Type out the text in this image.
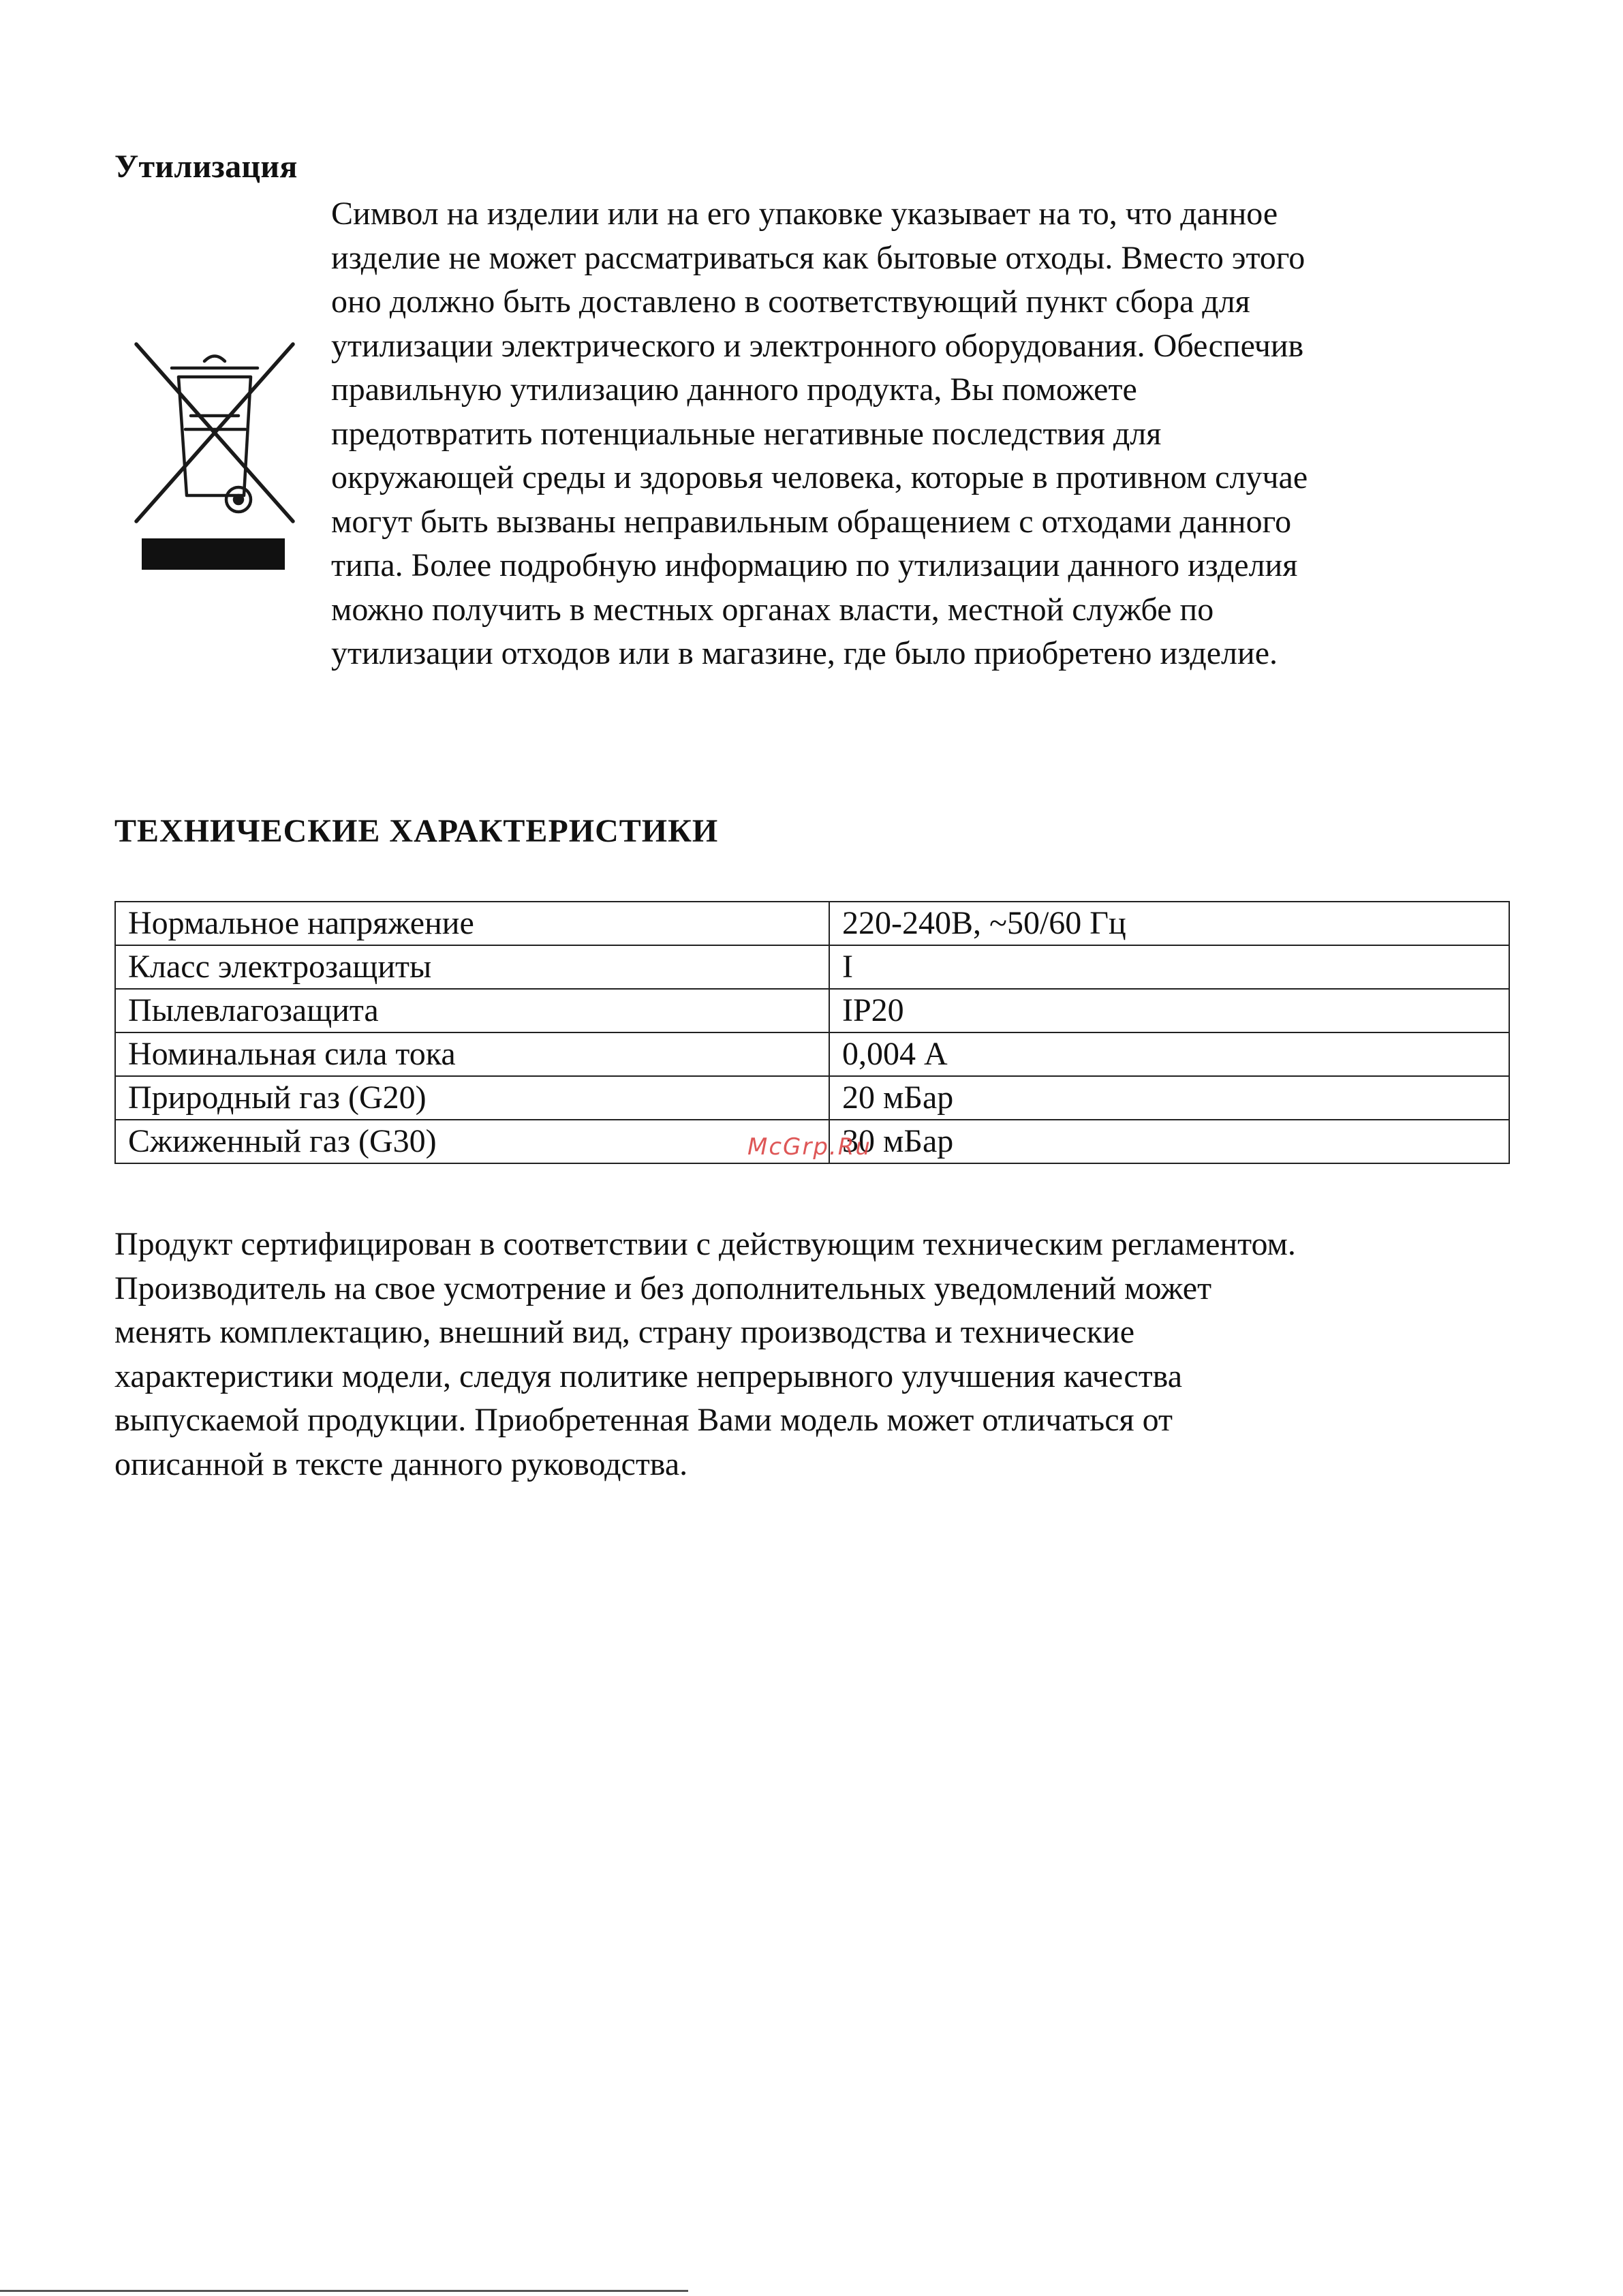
Утилизация

Символ на изделии или на его упаковке указывает на то, что данное
изделие не может рассматриваться как бытовые отходы. Вместо этого
оно должно быть доставлено в соответствующий пункт сбора для
утилизации электрического и электронного оборудования. Обеспечив
правильную утилизацию данного продукта, Вы поможете
предотвратить потенциальные негативные последствия для
окружающей среды и здоровья человека, которые в противном случае
могут быть вызваны неправильным обращением с отходами данного
типа. Более подробную информацию по утилизации данного изделия
можно получить в местных органах власти, местной службе по
утилизации отходов или в магазине, где было приобретено изделие.

ТЕХНИЧЕСКИЕ ХАРАКТЕРИСТИКИ
Нормальное напряжение	220-240В, ~50/60 Гц
Класс электрозащиты	I
Пылевлагозащита	IP20
Номинальная сила тока	0,004 А
Природный газ (G20)	20 мБар
Сжиженный газ (G30)	30 мБар
McGrp.Ru

Продукт сертифицирован в соответствии с действующим техническим регламентом.
Производитель на свое усмотрение и без дополнительных уведомлений может
менять комплектацию, внешний вид, страну производства и технические
характеристики модели, следуя политике непрерывного улучшения качества
выпускаемой продукции. Приобретенная Вами модель может отличаться от
описанной в тексте данного руководства.
